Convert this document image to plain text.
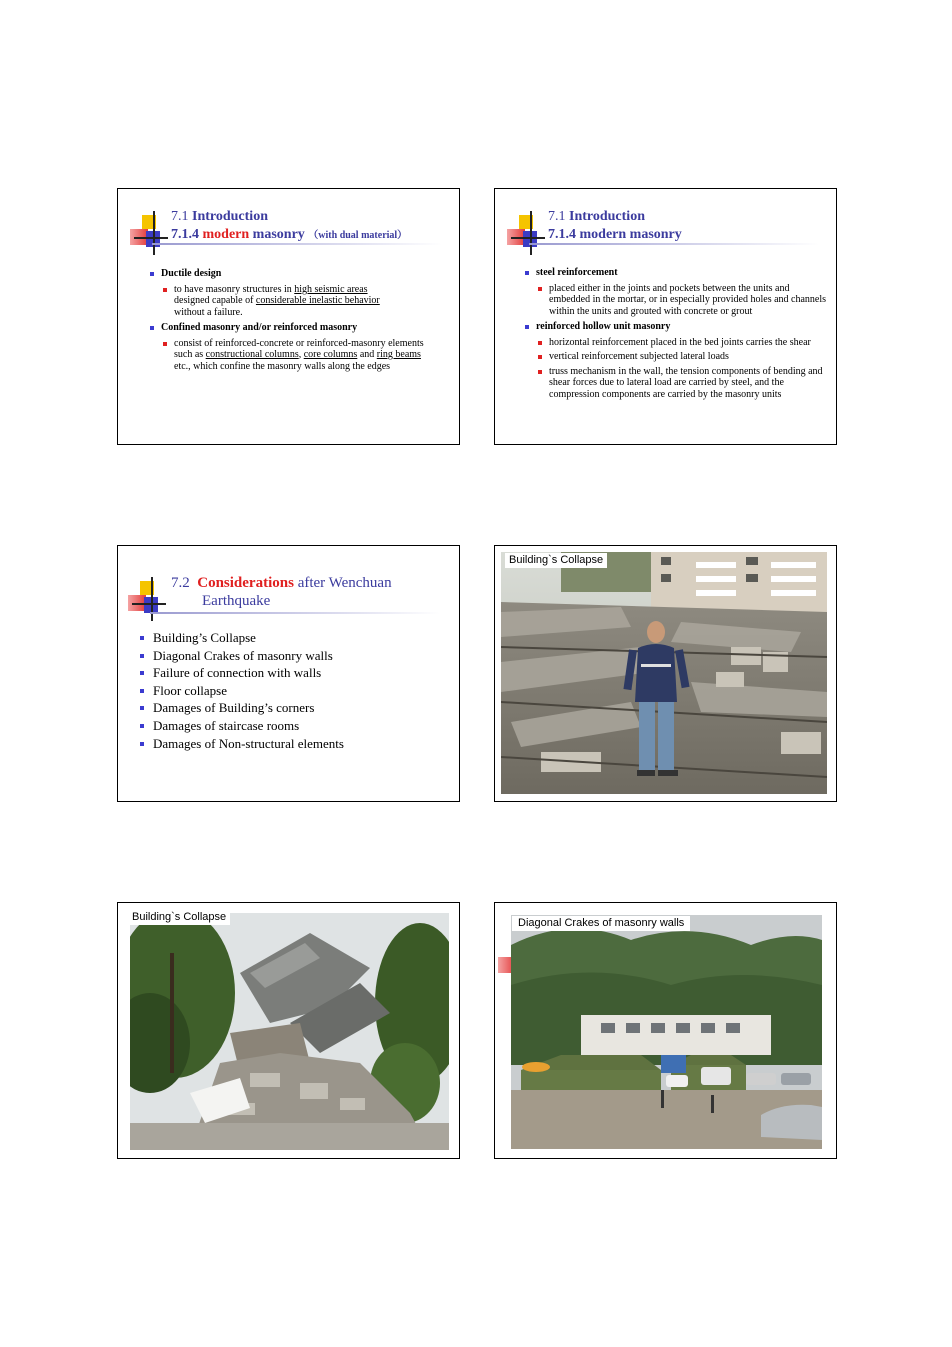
7.1 Introduction
7.1.4 modern masonry （with dual material）
Ductile design
to have masonry structures in high seismic areas designed capable of considerable inelastic behavior without a failure.
Confined masonry and/or reinforced masonry
consist of reinforced-concrete or reinforced-masonry elements such as constructional columns, core columns and ring beams etc., which confine the masonry walls along the edges
7.1 Introduction
7.1.4 modern masonry
steel reinforcement
placed either in the joints and pockets between the units and embedded in the mortar, or in especially provided holes and channels within the units and grouted with concrete or grout
reinforced hollow unit masonry
horizontal reinforcement placed in the bed joints carries the shear
vertical reinforcement subjected lateral loads
truss mechanism in the wall, the tension components of bending and shear forces due to lateral load are carried by steel, and the compression components are carried by the masonry units
7.2 Considerations after Wenchuan
Earthquake
Building’s Collapse
Diagonal Crakes of masonry walls
Failure of connection with walls
Floor collapse
Damages of Building’s corners
Damages of staircase rooms
Damages of Non-structural elements
Building`s Collapse
Building`s Collapse	Diagonal Crakes of masonry walls
